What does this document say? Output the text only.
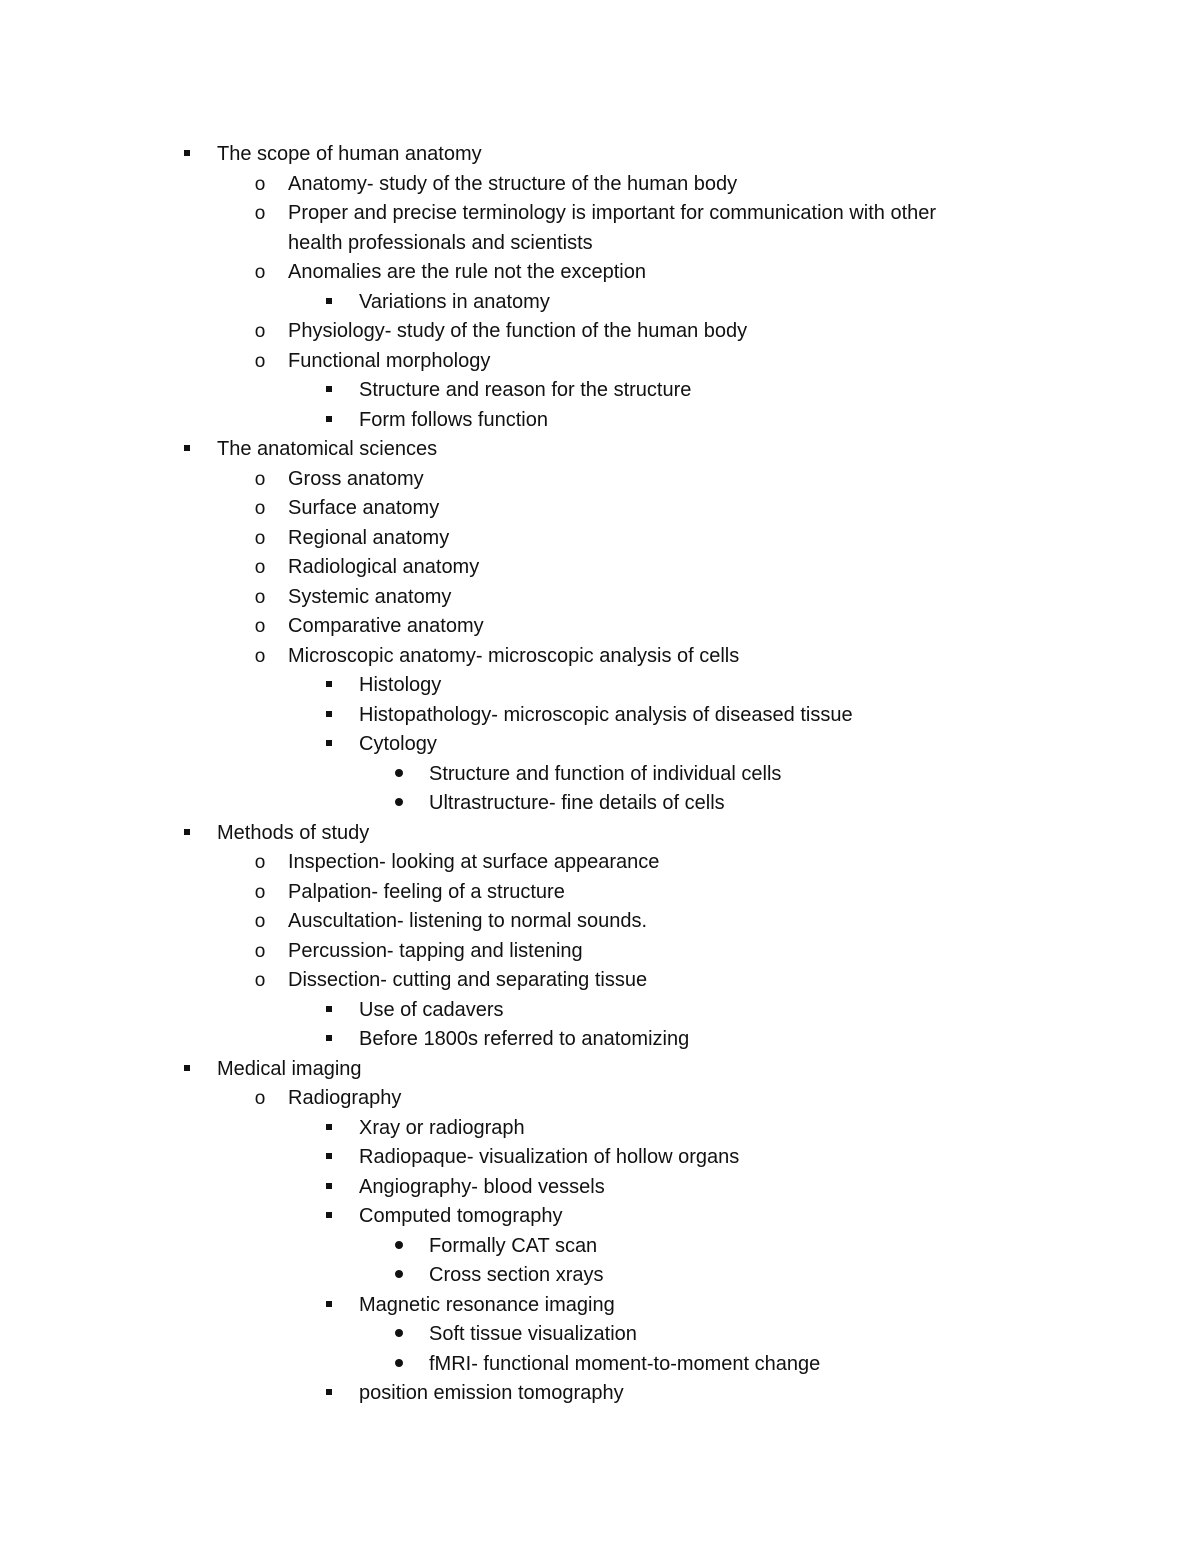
The scope of human anatomy
o Anatomy- study of the structure of the human body
o Proper and precise terminology is important for communication with other
health professionals and scientists
o Anomalies are the rule not the exception
Variations in anatomy
o Physiology- study of the function of the human body
o Functional morphology
Structure and reason for the structure
Form follows function
The anatomical sciences
o Gross anatomy
o Surface anatomy
o Regional anatomy
o Radiological anatomy
o Systemic anatomy
o Comparative anatomy
o Microscopic anatomy- microscopic analysis of cells
Histology
Histopathology- microscopic analysis of diseased tissue
Cytology
Structure and function of individual cells
Ultrastructure- fine details of cells
Methods of study
o Inspection- looking at surface appearance
o Palpation- feeling of a structure
o Auscultation- listening to normal sounds.
o Percussion- tapping and listening
o Dissection- cutting and separating tissue
Use of cadavers
Before 1800s referred to anatomizing
Medical imaging
o Radiography
Xray or radiograph
Radiopaque- visualization of hollow organs
Angiography- blood vessels
Computed tomography
Formally CAT scan
Cross section xrays
Magnetic resonance imaging
Soft tissue visualization
fMRI- functional moment-to-moment change
position emission tomography
